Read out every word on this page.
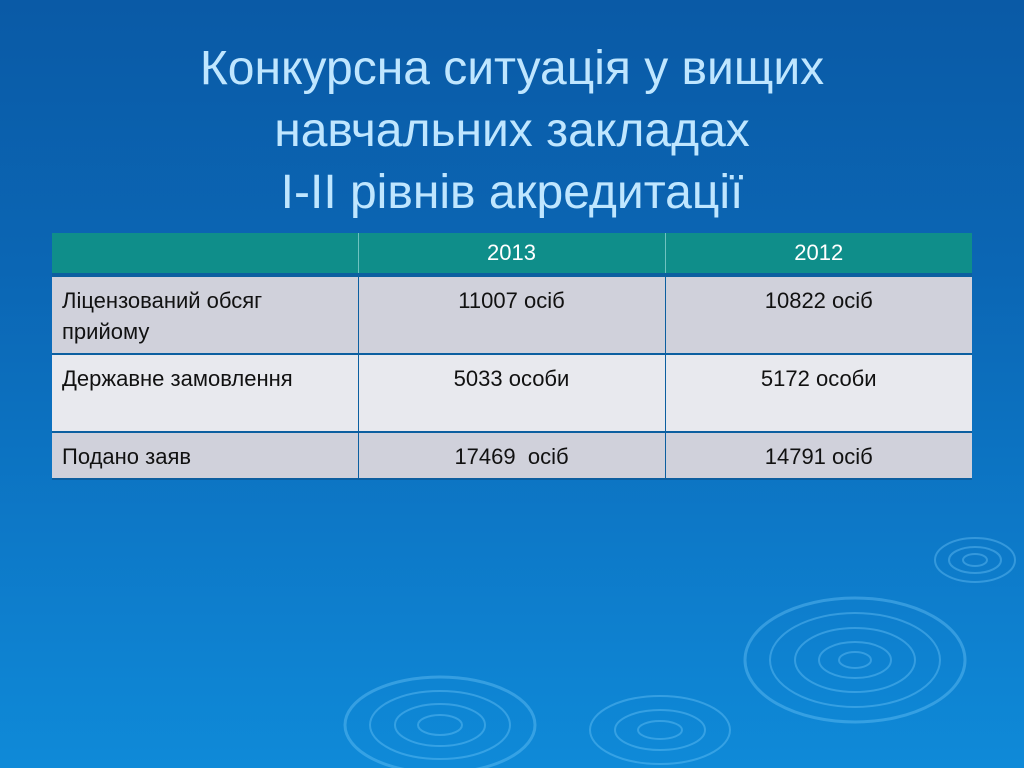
Конкурсна ситуація у вищих
навчальних закладах
І-ІІ рівнів акредитації
	2013	2012
Ліцензований обсяг прийому	11007 осіб	10822 осіб
Державне замовлення	5033 особи	5172 особи
Подано заяв	17469  осіб	14791 осіб
